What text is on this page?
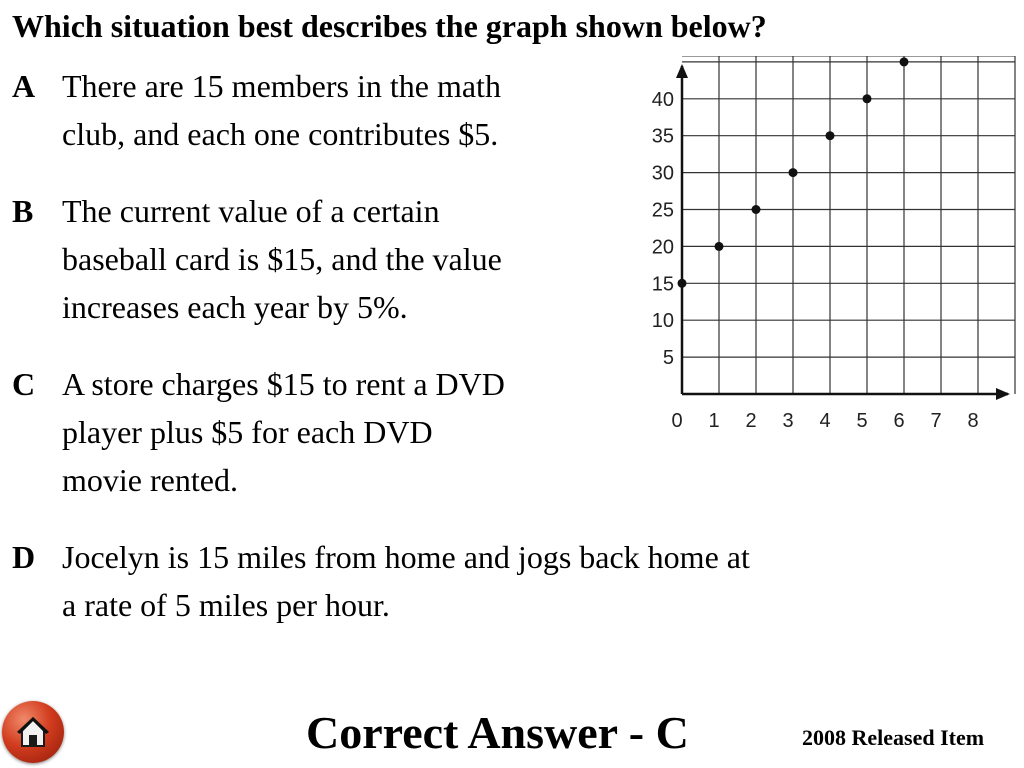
Which situation best describes the graph shown below?
A There are 15 members in the math
club, and each one contributes $5.
B The current value of a certain
baseball card is $15, and the value
increases each year by 5%.
C A store charges $15 to rent a DVD
player plus $5 for each DVD
movie rented.
D Jocelyn is 15 miles from home and jogs back home at
a rate of 5 miles per hour.
0 1 2 3 4 5 6 7 8
5
10
15
20
25
30
35
40
Correct Answer - C	2008 Released Item
